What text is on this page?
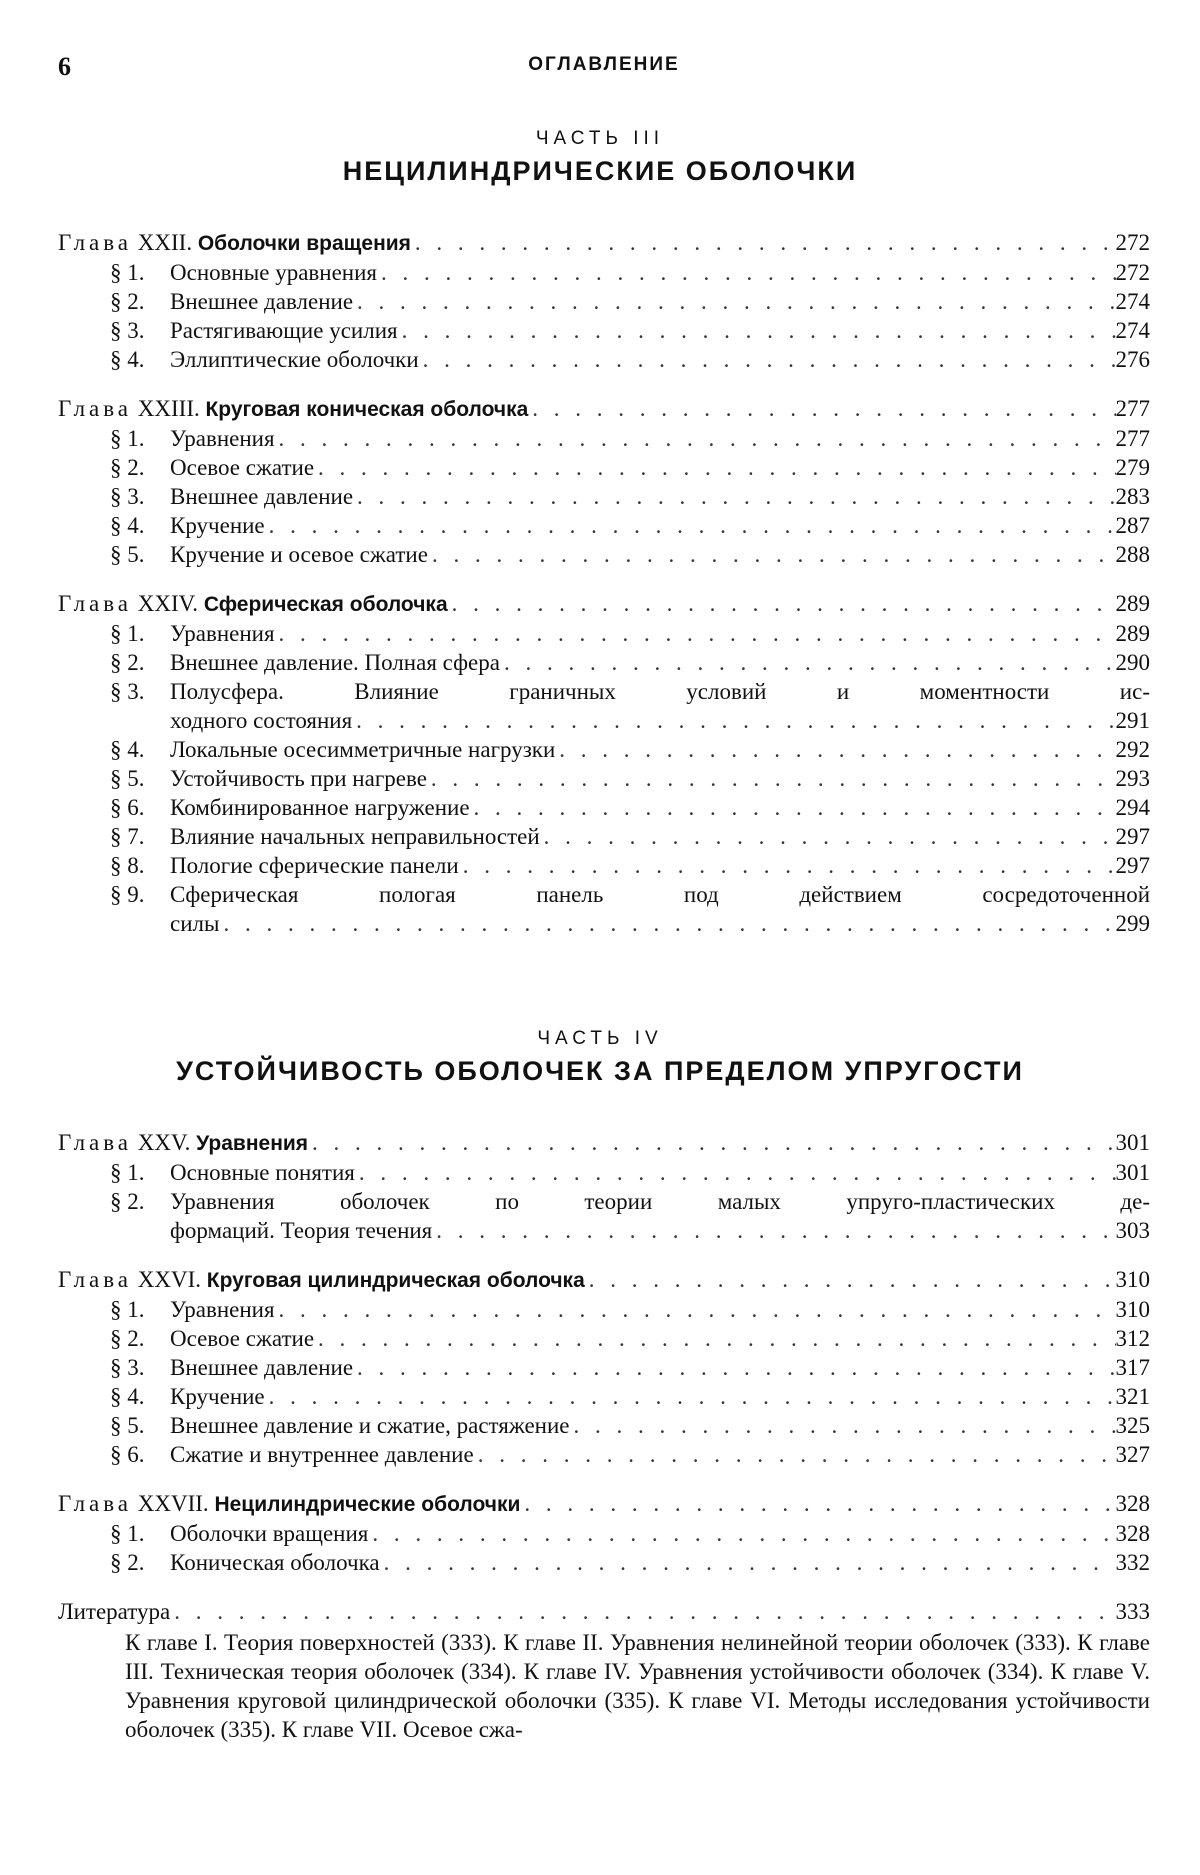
6	ОГЛАВЛЕНИЕ

ЧАСТЬ III

НЕЦИЛИНДРИЧЕСКИЕ ОБОЛОЧКИ

Глава XXII. Оболочки вращения . . .	272
§ 1. Основные уравнения . . .	272
§ 2. Внешнее давление . . .	274
§ 3. Растягивающие усилия . . .	274
§ 4. Эллиптические оболочки . . .	276
Глава XXIII. Круговая коническая оболочка . . .	277
§ 1. Уравнения . . .	277
§ 2. Осевое сжатие . . .	279
§ 3. Внешнее давление . . .	283
§ 4. Кручение . . .	287
§ 5. Кручение и осевое сжатие . . .	288
Глава XXIV. Сферическая оболочка . . .	289
§ 1. Уравнения . . .	289
§ 2. Внешнее давление. Полная сфера . . .	290
§ 3.	Полусфера. Влияние граничных условий и моментности ис-
ходного состояния . . .	291
§ 4. Локальные осесимметричные нагрузки . . .	292
§ 5. Устойчивость при нагреве . . .	293
§ 6. Комбинированное нагружение . . .	294
§ 7. Влияние начальных неправильностей . . .	297
§ 8. Пологие сферические панели . . .	297
§ 9.	Сферическая пологая панель под действием сосредоточенной
силы . . .	299

ЧАСТЬ IV

УСТОЙЧИВОСТЬ ОБОЛОЧЕК ЗА ПРЕДЕЛОМ УПРУГОСТИ

Глава XXV. Уравнения . . .	301
§ 1. Основные понятия . . .	301
§ 2.	Уравнения оболочек по теории малых упруго-пластических де-
формаций. Теория течения . . .	303
Глава XXVI. Круговая цилиндрическая оболочка . . .	310
§ 1. Уравнения . . .	310
§ 2. Осевое сжатие . . .	312
§ 3. Внешнее давление . . .	317
§ 4. Кручение . . .	321
§ 5. Внешнее давление и сжатие, растяжение . . .	325
§ 6. Сжатие и внутреннее давление . . .	327
Глава XXVII. Нецилиндрические оболочки . . .	328
§ 1. Оболочки вращения . . .	328
§ 2. Коническая оболочка . . .	332
Литература . . .	333
К главе I. Теория поверхностей (333). К главе II. Уравнения нелинейной теории оболочек (333). К главе III. Техническая теория оболочек (334). К главе IV. Уравнения устойчивости оболочек (334). К главе V. Уравнения круговой цилиндрической оболочки (335). К главе VI. Методы исследования устойчивости оболочек (335). К главе VII. Осевое сжа-
